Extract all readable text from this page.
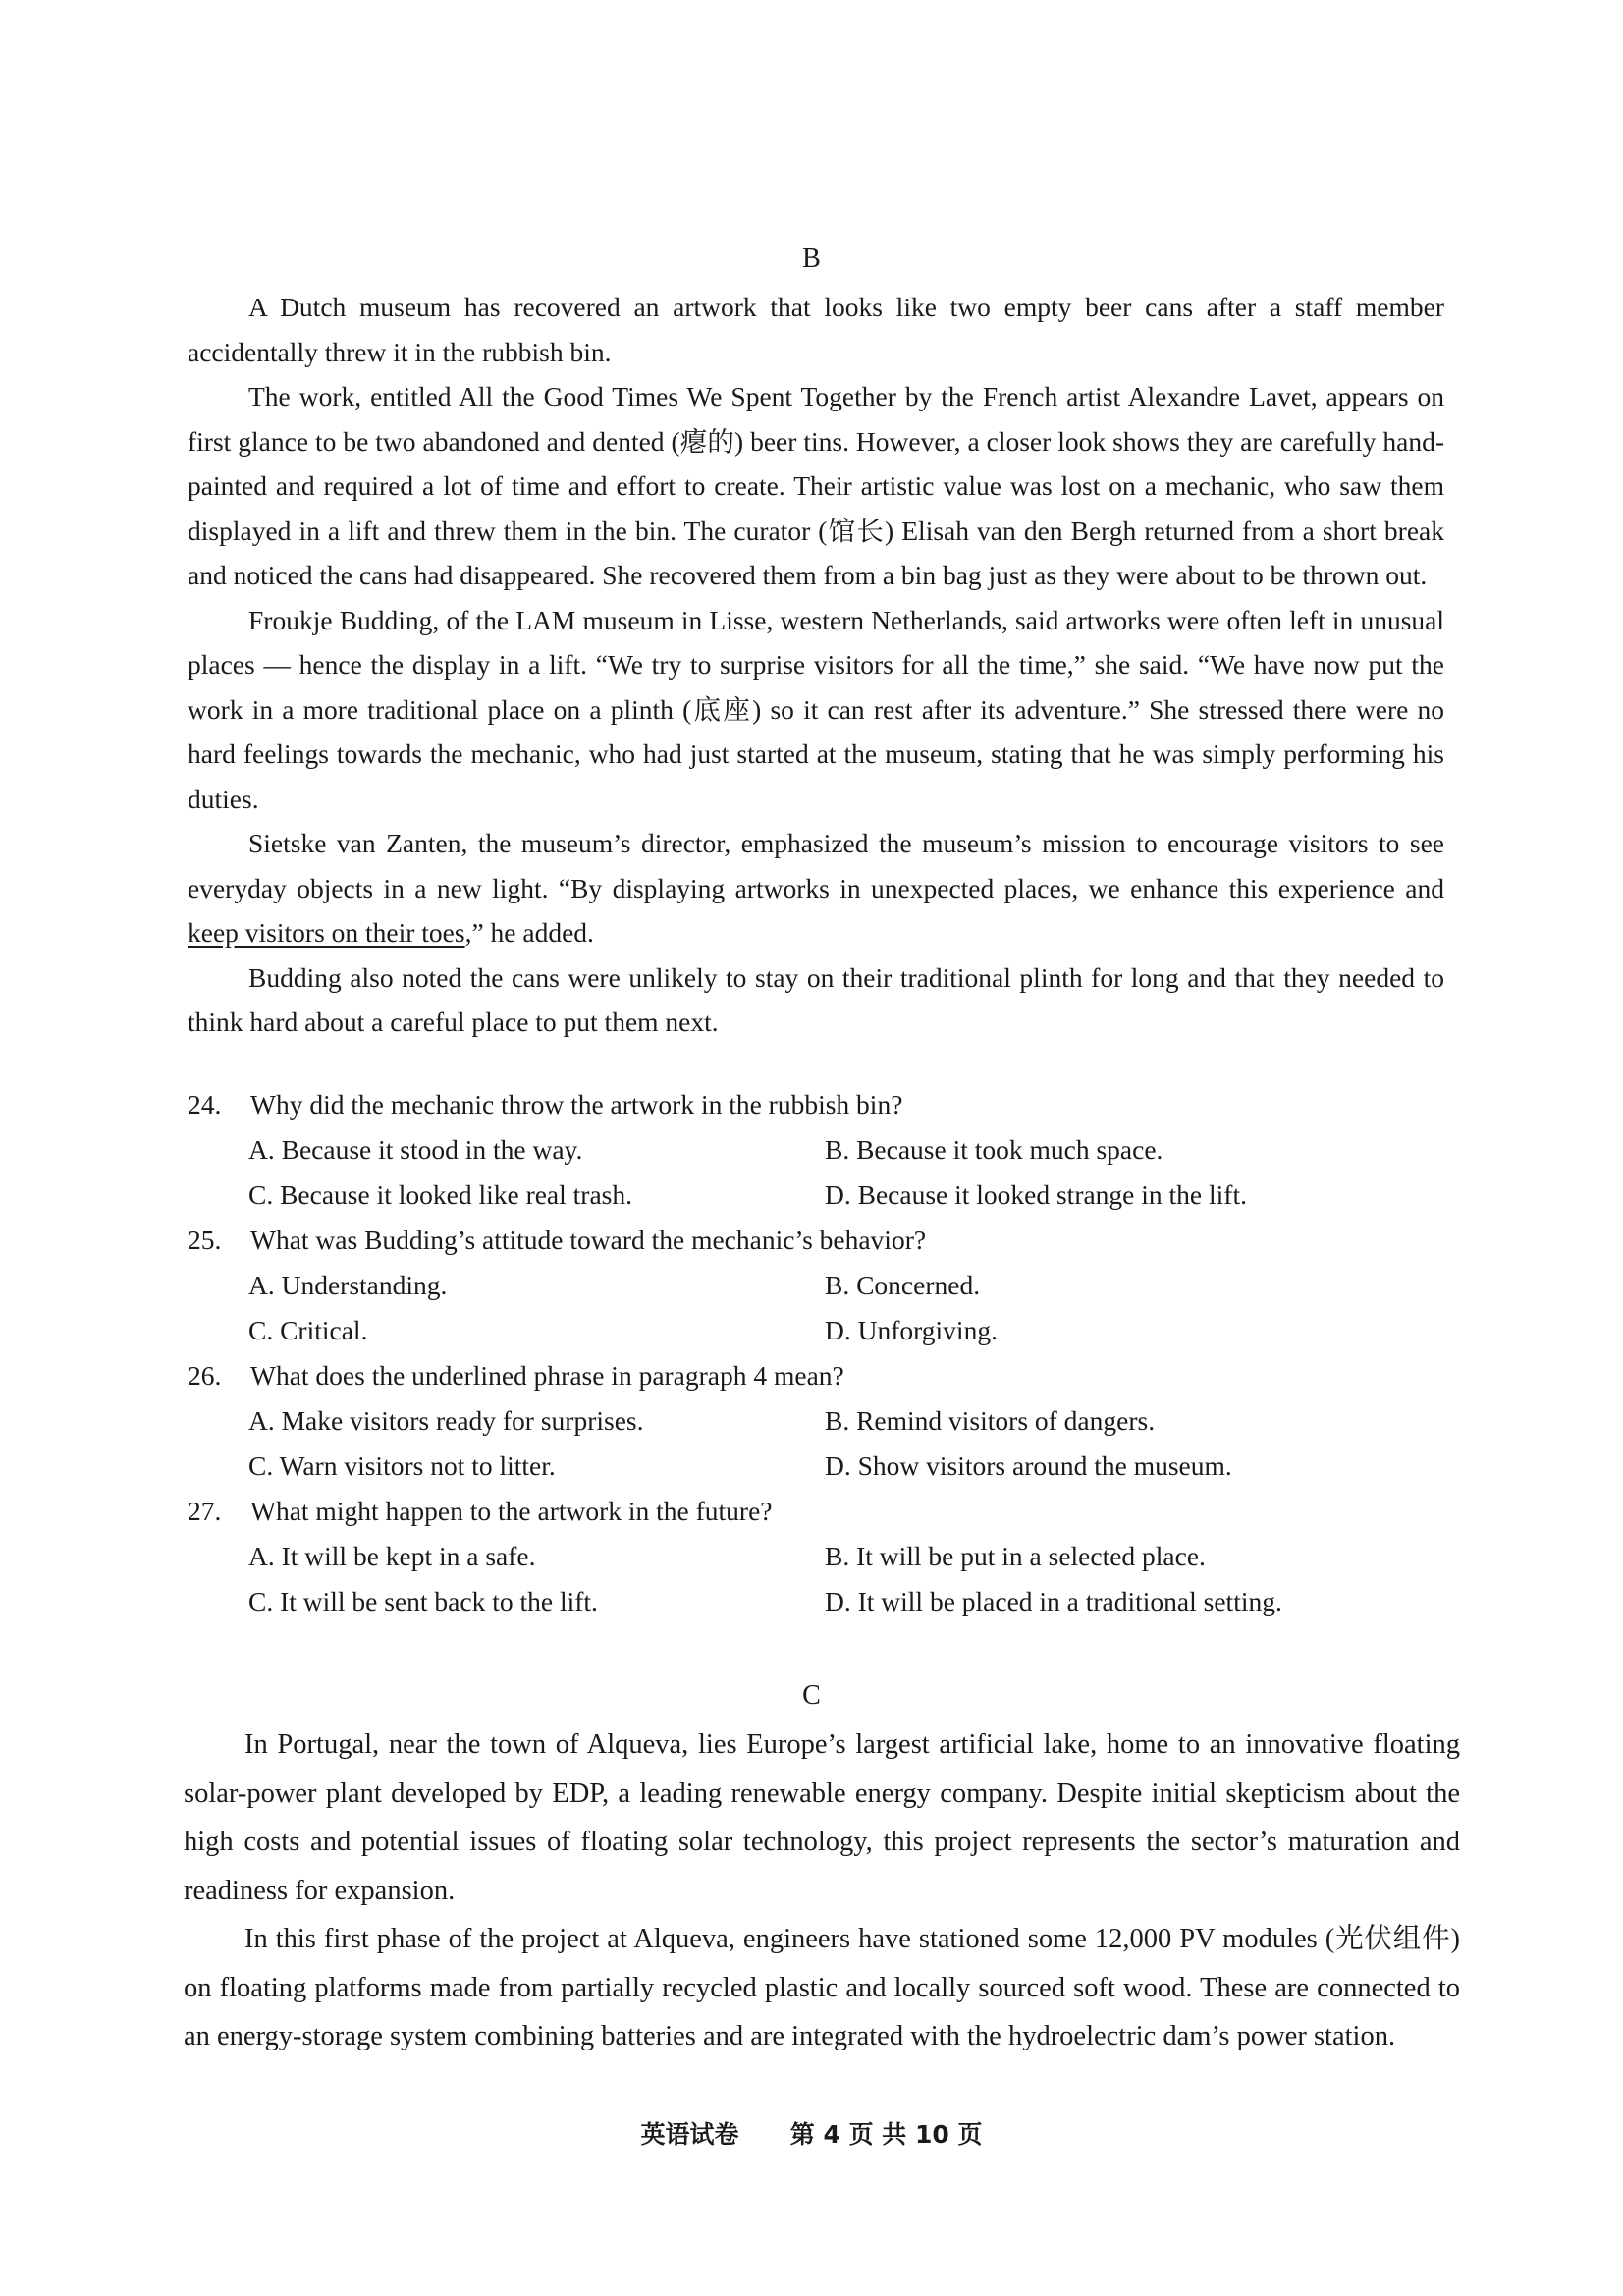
B

A Dutch museum has recovered an artwork that looks like two empty beer cans after a staff member accidentally threw it in the rubbish bin.

The work, entitled All the Good Times We Spent Together by the French artist Alexandre Lavet, appears on first glance to be two abandoned and dented (瘪的) beer tins. However, a closer look shows they are carefully hand-painted and required a lot of time and effort to create. Their artistic value was lost on a mechanic, who saw them displayed in a lift and threw them in the bin. The curator (馆长) Elisah van den Bergh returned from a short break and noticed the cans had disappeared. She recovered them from a bin bag just as they were about to be thrown out.

Froukje Budding, of the LAM museum in Lisse, western Netherlands, said artworks were often left in unusual places — hence the display in a lift. “We try to surprise visitors for all the time,” she said. “We have now put the work in a more traditional place on a plinth (底座) so it can rest after its adventure.” She stressed there were no hard feelings towards the mechanic, who had just started at the museum, stating that he was simply performing his duties.

Sietske van Zanten, the museum’s director, emphasized the museum’s mission to encourage visitors to see everyday objects in a new light. “By displaying artworks in unexpected places, we enhance this experience and keep visitors on their toes,” he added.

Budding also noted the cans were unlikely to stay on their traditional plinth for long and that they needed to think hard about a careful place to put them next.

24.	Why did the mechanic throw the artwork in the rubbish bin?
A. Because it stood in the way.	B. Because it took much space.
C. Because it looked like real trash.	D. Because it looked strange in the lift.
25.	What was Budding’s attitude toward the mechanic’s behavior?
A. Understanding.	B. Concerned.
C. Critical.	D. Unforgiving.
26.	What does the underlined phrase in paragraph 4 mean?
A. Make visitors ready for surprises.	B. Remind visitors of dangers.
C. Warn visitors not to litter.	D. Show visitors around the museum.
27.	What might happen to the artwork in the future?
A. It will be kept in a safe.	B. It will be put in a selected place.
C. It will be sent back to the lift.	D. It will be placed in a traditional setting.
C

In Portugal, near the town of Alqueva, lies Europe’s largest artificial lake, home to an innovative floating solar-power plant developed by EDP, a leading renewable energy company. Despite initial skepticism about the high costs and potential issues of floating solar technology, this project represents the sector’s maturation and readiness for expansion.

In this first phase of the project at Alqueva, engineers have stationed some 12,000 PV modules (光伏组件) on floating platforms made from partially recycled plastic and locally sourced soft wood. These are connected to an energy-storage system combining batteries and are integrated with the hydroelectric dam’s power station.

英语试卷 第 4 页 共 10 页
